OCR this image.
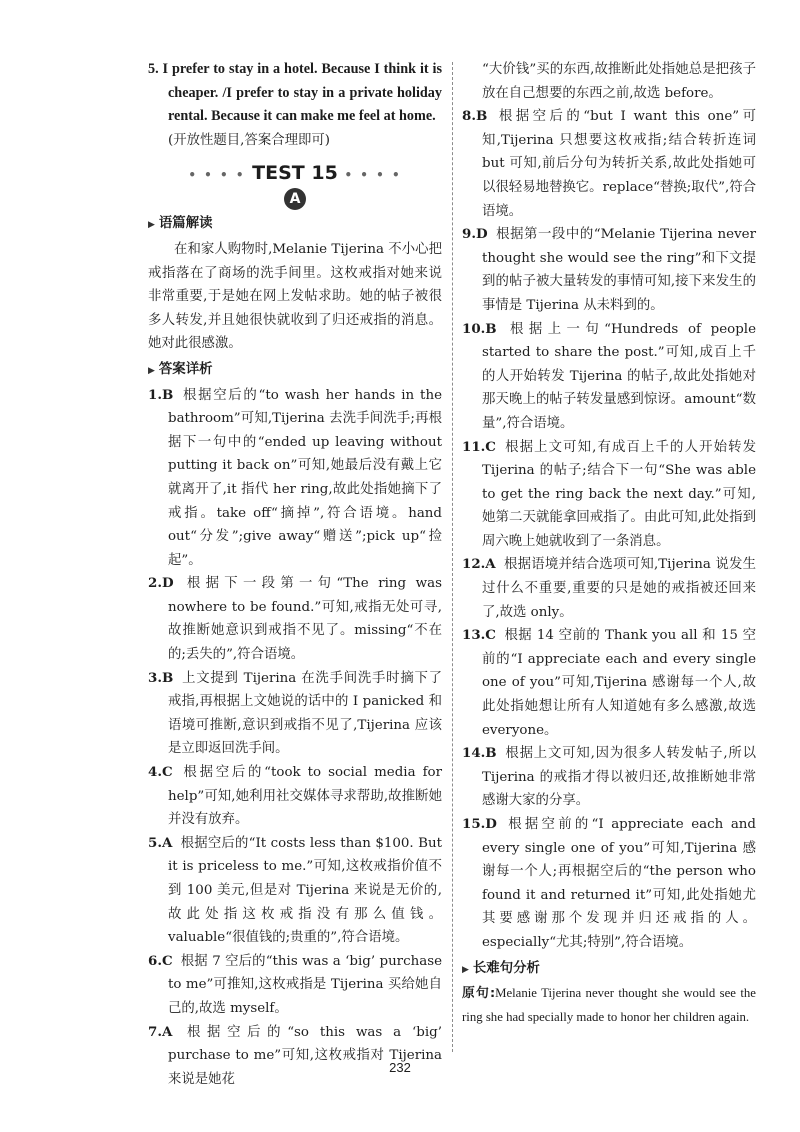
5. I prefer to stay in a hotel. Because I think it is cheaper. /I prefer to stay in a private holiday rental. Because it can make me feel at home.
(开放性题目,答案合理即可)

• • • • TEST 15 • • • •
A

▶ 语篇解读

在和家人购物时,Melanie Tijerina 不小心把戒指落在了商场的洗手间里。这枚戒指对她来说非常重要,于是她在网上发帖求助。她的帖子被很多人转发,并且她很快就收到了归还戒指的消息。她对此很感激。

▶ 答案详析

1.B 根据空后的“to wash her hands in the bathroom”可知,Tijerina 去洗手间洗手;再根据下一句中的“ended up leaving without putting it back on”可知,她最后没有戴上它就离开了,it 指代 her ring,故此处指她摘下了戒指。take off“摘掉”,符合语境。hand out“分发”;give away“赠送”;pick up“捡起”。

2.D 根据下一段第一句“The ring was nowhere to be found.”可知,戒指无处可寻,故推断她意识到戒指不见了。missing“不在的;丢失的”,符合语境。

3.B 上文提到 Tijerina 在洗手间洗手时摘下了戒指,再根据上文她说的话中的 I panicked 和语境可推断,意识到戒指不见了,Tijerina 应该是立即返回洗手间。

4.C 根据空后的“took to social media for help”可知,她利用社交媒体寻求帮助,故推断她并没有放弃。

5.A 根据空后的“It costs less than $100. But it is priceless to me.”可知,这枚戒指价值不到 100 美元,但是对 Tijerina 来说是无价的,故此处指这枚戒指没有那么值钱。valuable“很值钱的;贵重的”,符合语境。

6.C 根据 7 空后的“this was a ‘big’ purchase to me”可推知,这枚戒指是 Tijerina 买给她自己的,故选 myself。

7.A 根据空后的“so this was a ‘big’ purchase to me”可知,这枚戒指对 Tijerina 来说是她花

“大价钱”买的东西,故推断此处指她总是把孩子放在自己想要的东西之前,故选 before。

8.B 根据空后的“but I want this one”可知,Tijerina 只想要这枚戒指;结合转折连词 but 可知,前后分句为转折关系,故此处指她可以很轻易地替换它。replace“替换;取代”,符合语境。

9.D 根据第一段中的“Melanie Tijerina never thought she would see the ring”和下文提到的帖子被大量转发的事情可知,接下来发生的事情是 Tijerina 从未料到的。

10.B 根据上一句“Hundreds of people started to share the post.”可知,成百上千的人开始转发 Tijerina 的帖子,故此处指她对那天晚上的帖子转发量感到惊讶。amount“数量”,符合语境。

11.C 根据上文可知,有成百上千的人开始转发 Tijerina 的帖子;结合下一句“She was able to get the ring back the next day.”可知,她第二天就能拿回戒指了。由此可知,此处指到周六晚上她就收到了一条消息。

12.A 根据语境并结合选项可知,Tijerina 说发生过什么不重要,重要的只是她的戒指被还回来了,故选 only。

13.C 根据 14 空前的 Thank you all 和 15 空前的“I appreciate each and every single one of you”可知,Tijerina 感谢每一个人,故此处指她想让所有人知道她有多么感激,故选 everyone。

14.B 根据上文可知,因为很多人转发帖子,所以 Tijerina 的戒指才得以被归还,故推断她非常感谢大家的分享。

15.D 根据空前的“I appreciate each and every single one of you”可知,Tijerina 感谢每一个人;再根据空后的“the person who found it and returned it”可知,此处指她尤其要感谢那个发现并归还戒指的人。especially“尤其;特别”,符合语境。

▶ 长难句分析

原句:Melanie Tijerina never thought she would see the ring she had specially made to honor her children again.

232
